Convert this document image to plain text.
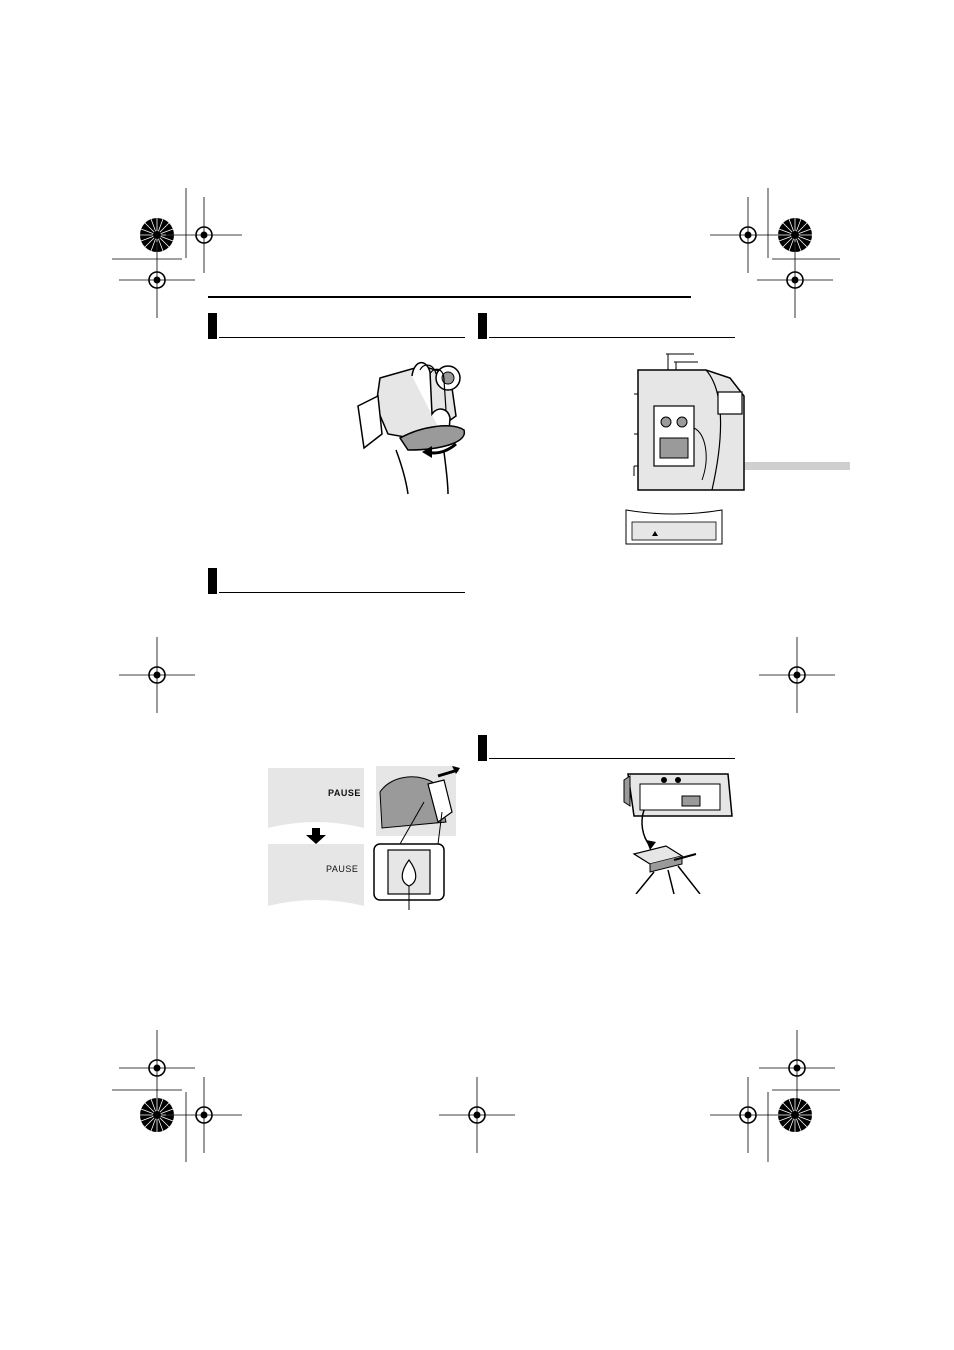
PAUSE
PAUSE
